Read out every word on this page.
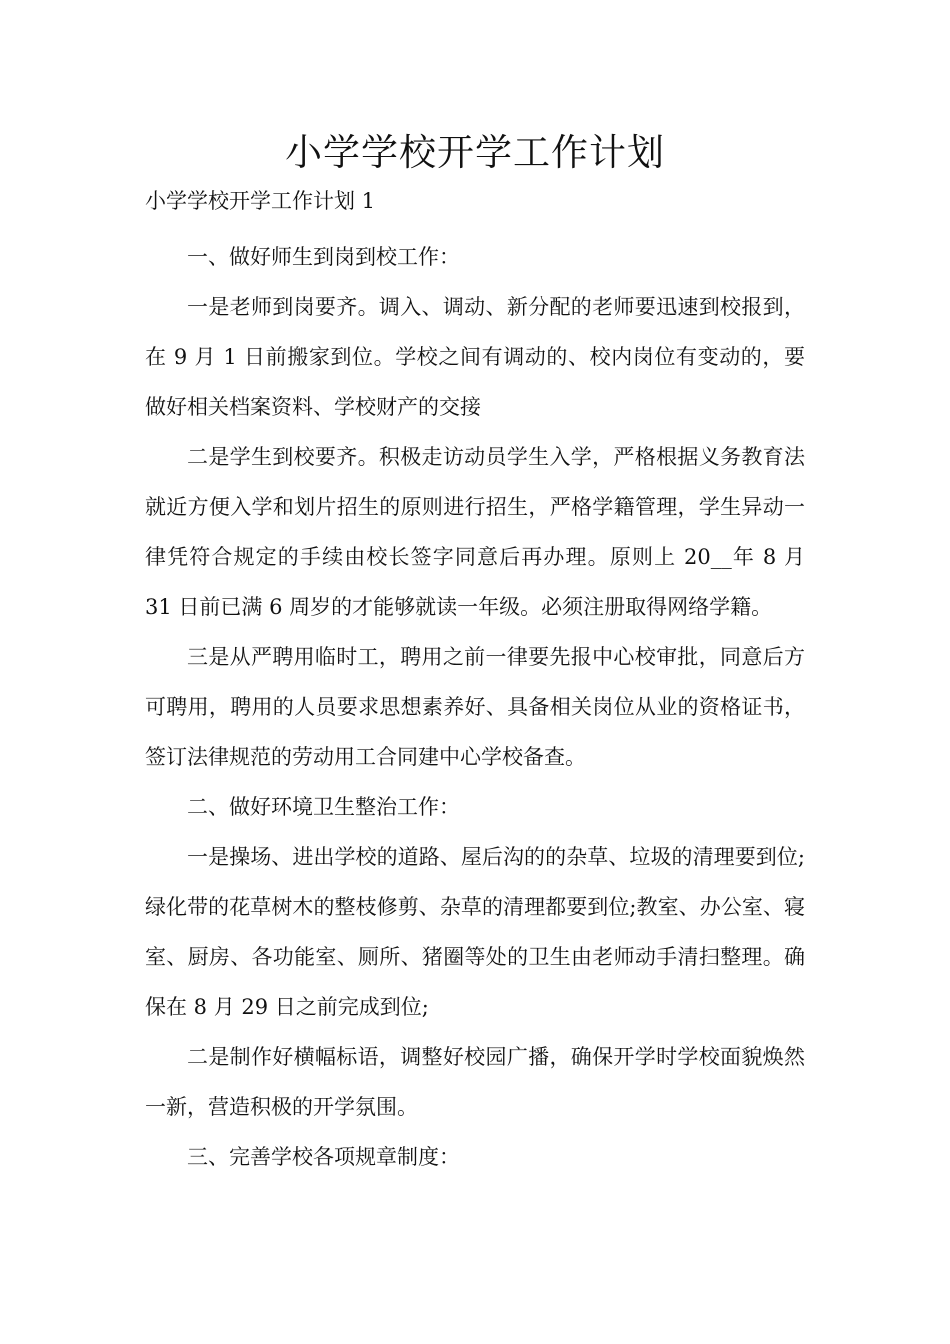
小学学校开学工作计划
小学学校开学工作计划 1

一、做好师生到岗到校工作：

一是老师到岗要齐。调入、调动、新分配的老师要迅速到校报到，在 9 月 1 日前搬家到位。学校之间有调动的、校内岗位有变动的，要做好相关档案资料、学校财产的交接

二是学生到校要齐。积极走访动员学生入学，严格根据义务教育法就近方便入学和划片招生的原则进行招生，严格学籍管理，学生异动一律凭符合规定的手续由校长签字同意后再办理。原则上 20__年 8 月 31 日前已满 6 周岁的才能够就读一年级。必须注册取得网络学籍。

三是从严聘用临时工，聘用之前一律要先报中心校审批，同意后方可聘用，聘用的人员要求思想素养好、具备相关岗位从业的资格证书，签订法律规范的劳动用工合同建中心学校备查。

二、做好环境卫生整治工作：

一是操场、进出学校的道路、屋后沟的的杂草、垃圾的清理要到位;绿化带的花草树木的整枝修剪、杂草的清理都要到位;教室、办公室、寝室、厨房、各功能室、厕所、猪圈等处的卫生由老师动手清扫整理。确保在 8 月 29 日之前完成到位;

二是制作好横幅标语，调整好校园广播，确保开学时学校面貌焕然一新，营造积极的开学氛围。

三、完善学校各项规章制度：
